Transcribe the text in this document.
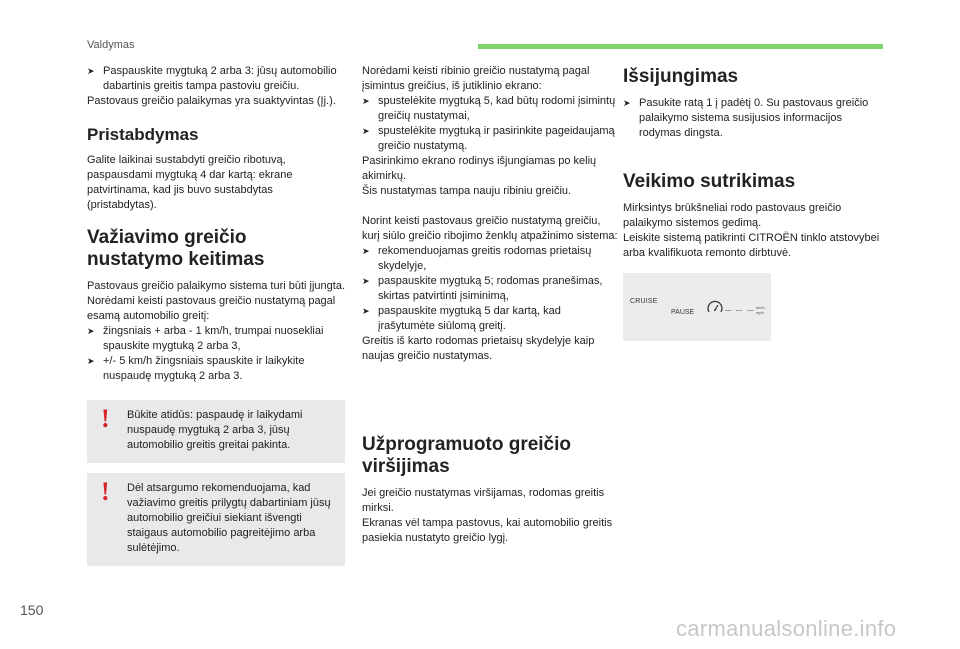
Valdymas
➤ Paspauskite mygtuką 2 arba 3: jūsų automobilio dabartinis greitis tampa pastoviu greičiu.
Pastovaus greičio palaikymas yra suaktyvintas (Įj.).
Pristabdymas
Galite laikinai sustabdyti greičio ribotuvą, paspausdami mygtuką 4 dar kartą: ekrane patvirtinama, kad jis buvo sustabdytas (pristabdytas).
Važiavimo greičio
nustatymo keitimas
Pastovaus greičio palaikymo sistema turi būti įjungta.
Norėdami keisti pastovaus greičio nustatymą pagal esamą automobilio greitį:
➤ žingsniais + arba - 1 km/h, trumpai nuosekliai spauskite mygtuką 2 arba 3,
➤ +/- 5 km/h žingsniais spauskite ir laikykite nuspaudę mygtuką 2 arba 3.
! Būkite atidūs: paspaudę ir laikydami nuspaudę mygtuką 2 arba 3, jūsų automobilio greitis greitai pakinta.
! Dėl atsargumo rekomenduojama, kad važiavimo greitis prilygtų dabartiniam jūsų automobilio greičiui siekiant išvengti staigaus automobilio pagreitėjimo arba sulėtėjimo.
Norėdami keisti ribinio greičio nustatymą pagal įsimintus greičius, iš jutiklinio ekrano:
➤ spustelėkite mygtuką 5, kad būtų rodomi įsimintų greičių nustatymai,
➤ spustelėkite mygtuką ir pasirinkite pageidaujamą greičio nustatymą.
Pasirinkimo ekrano rodinys išjungiamas po kelių akimirkų.
Šis nustatymas tampa nauju ribiniu greičiu.
Norint keisti pastovaus greičio nustatymą greičiu, kurį siūlo greičio ribojimo ženklų atpažinimo sistema:
➤ rekomenduojamas greitis rodomas prietaisų skydelyje,
➤ paspauskite mygtuką 5; rodomas pranešimas, skirtas patvirtinti įsiminimą,
➤ paspauskite mygtuką 5 dar kartą, kad įrašytumėte siūlomą greitį.
Greitis iš karto rodomas prietaisų skydelyje kaip naujas greičio nustatymas.
Užprogramuoto greičio
viršijimas
Jei greičio nustatymas viršijamas, rodomas greitis mirksi.
Ekranas vėl tampa pastovus, kai automobilio greitis pasiekia nustatyto greičio lygį.
Išsijungimas
➤ Pasukite ratą 1 į padėtį 0. Su pastovaus greičio palaikymo sistema susijusios informacijos rodymas dingsta.
Veikimo sutrikimas
Mirksintys brūkšneliai rodo pastovaus greičio palaikymo sistemos gedimą.
Leiskite sistemą patikrinti CITROËN tinklo atstovybei arba kvalifikuota remonto dirbtuvė.
CRUISE
PAUSE
_ _ _ km/h
mph
150
carmanualsonline.info
